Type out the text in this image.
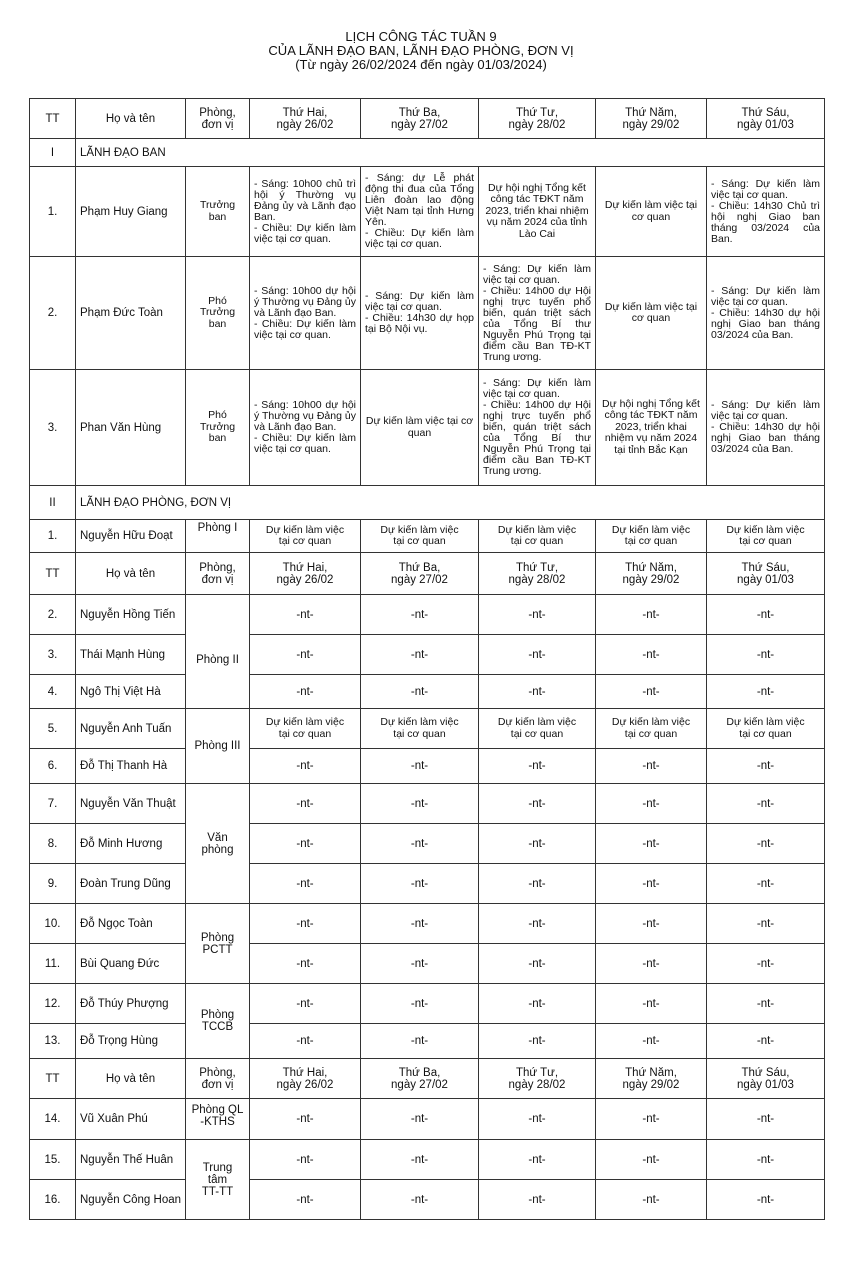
LỊCH CÔNG TÁC TUẦN 9
CỦA LÃNH ĐẠO BAN, LÃNH ĐẠO PHÒNG, ĐƠN VỊ
(Từ ngày 26/02/2024 đến ngày 01/03/2024)
TT	Họ và tên	Phòng,
đơn vị	Thứ Hai,
ngày 26/02	Thứ Ba,
ngày 27/02	Thứ Tư,
ngày 28/02	Thứ Năm,
ngày 29/02	Thứ Sáu,
ngày 01/03
I	LÃNH ĐẠO BAN						
1.	Phạm Huy Giang	Trưởng
ban	- Sáng: 10h00 chủ trì hội ý Thường vụ Đảng ủy và Lãnh đạo Ban.
- Chiều: Dự kiến làm việc tại cơ quan.	- Sáng: dự Lễ phát động thi đua của Tổng Liên đoàn lao động Việt Nam tại tỉnh Hưng Yên.
- Chiều: Dự kiến làm việc tại cơ quan.	Dự hội nghị Tổng kết công tác TĐKT năm 2023, triển khai nhiệm vụ năm 2024 của tỉnh Lào Cai	Dự kiến làm việc tại cơ quan	- Sáng: Dự kiến làm việc tại cơ quan.
- Chiều: 14h30 Chủ trì hội nghị Giao ban tháng 03/2024 của Ban.
2.	Phạm Đức Toàn	Phó
Trưởng
ban	- Sáng: 10h00 dự hội ý Thường vụ Đảng ủy và Lãnh đạo Ban.
- Chiều: Dự kiến làm việc tại cơ quan.	- Sáng: Dự kiến làm việc tại cơ quan.
- Chiều: 14h30 dự họp tại Bộ Nội vụ.	- Sáng: Dự kiến làm việc tại cơ quan.
- Chiều: 14h00 dự Hội nghị trực tuyến phổ biến, quán triệt sách của Tổng Bí thư Nguyễn Phú Trọng tại điểm cầu Ban TĐ-KT Trung ương.	Dự kiến làm việc tại cơ quan	- Sáng: Dự kiến làm việc tại cơ quan.
- Chiều: 14h30 dự hội nghị Giao ban tháng 03/2024 của Ban.
3.	Phan Văn Hùng	Phó
Trưởng
ban	- Sáng: 10h00 dự hội ý Thường vụ Đảng ủy và Lãnh đạo Ban.
- Chiều: Dự kiến làm việc tại cơ quan.	Dự kiến làm việc tại cơ quan	- Sáng: Dự kiến làm việc tại cơ quan.
- Chiều: 14h00 dự Hội nghị trực tuyến phổ biến, quán triệt sách của Tổng Bí thư Nguyễn Phú Trọng tại điểm cầu Ban TĐ-KT Trung ương.	Dự hội nghị Tổng kết công tác TĐKT năm 2023, triển khai nhiệm vụ năm 2024 tại tỉnh Bắc Kạn	- Sáng: Dự kiến làm việc tại cơ quan.
- Chiều: 14h30 dự hội nghị Giao ban tháng 03/2024 của Ban.
II	LÃNH ĐẠO PHÒNG, ĐƠN VỊ						
1.	Nguyễn Hữu Đoạt	Phòng I	Dự kiến làm việc
tại cơ quan	Dự kiến làm việc
tại cơ quan	Dự kiến làm việc
tại cơ quan	Dự kiến làm việc
tại cơ quan	Dự kiến làm việc
tại cơ quan
TT	Họ và tên	Phòng,
đơn vị	Thứ Hai,
ngày 26/02	Thứ Ba,
ngày 27/02	Thứ Tư,
ngày 28/02	Thứ Năm,
ngày 29/02	Thứ Sáu,
ngày 01/03
2.	Nguyễn Hồng Tiến	Phòng II	-nt-	-nt-	-nt-	-nt-	-nt-
3.	Thái Mạnh Hùng		-nt-	-nt-	-nt-	-nt-	-nt-
4.	Ngô Thị Việt Hà		-nt-	-nt-	-nt-	-nt-	-nt-
5.	Nguyễn Anh Tuấn	Phòng III	Dự kiến làm việc
tại cơ quan	Dự kiến làm việc
tại cơ quan	Dự kiến làm việc
tại cơ quan	Dự kiến làm việc
tại cơ quan	Dự kiến làm việc
tại cơ quan
6.	Đỗ Thị Thanh Hà		-nt-	-nt-	-nt-	-nt-	-nt-
7.	Nguyễn Văn Thuật	Văn
phòng	-nt-	-nt-	-nt-	-nt-	-nt-
8.	Đỗ Minh Hương		-nt-	-nt-	-nt-	-nt-	-nt-
9.	Đoàn Trung Dũng		-nt-	-nt-	-nt-	-nt-	-nt-
10.	Đỗ Ngọc Toàn	Phòng
PCTT	-nt-	-nt-	-nt-	-nt-	-nt-
11.	Bùi Quang Đức		-nt-	-nt-	-nt-	-nt-	-nt-
12.	Đỗ Thúy Phượng	Phòng
TCCB	-nt-	-nt-	-nt-	-nt-	-nt-
13.	Đỗ Trọng Hùng		-nt-	-nt-	-nt-	-nt-	-nt-
TT	Họ và tên	Phòng,
đơn vị	Thứ Hai,
ngày 26/02	Thứ Ba,
ngày 27/02	Thứ Tư,
ngày 28/02	Thứ Năm,
ngày 29/02	Thứ Sáu,
ngày 01/03
14.	Vũ Xuân Phú	Phòng QL
-KTHS	-nt-	-nt-	-nt-	-nt-	-nt-
15.	Nguyễn Thế Huân	Trung
tâm
TT-TT	-nt-	-nt-	-nt-	-nt-	-nt-
16.	Nguyễn Công Hoan		-nt-	-nt-	-nt-	-nt-	-nt-
